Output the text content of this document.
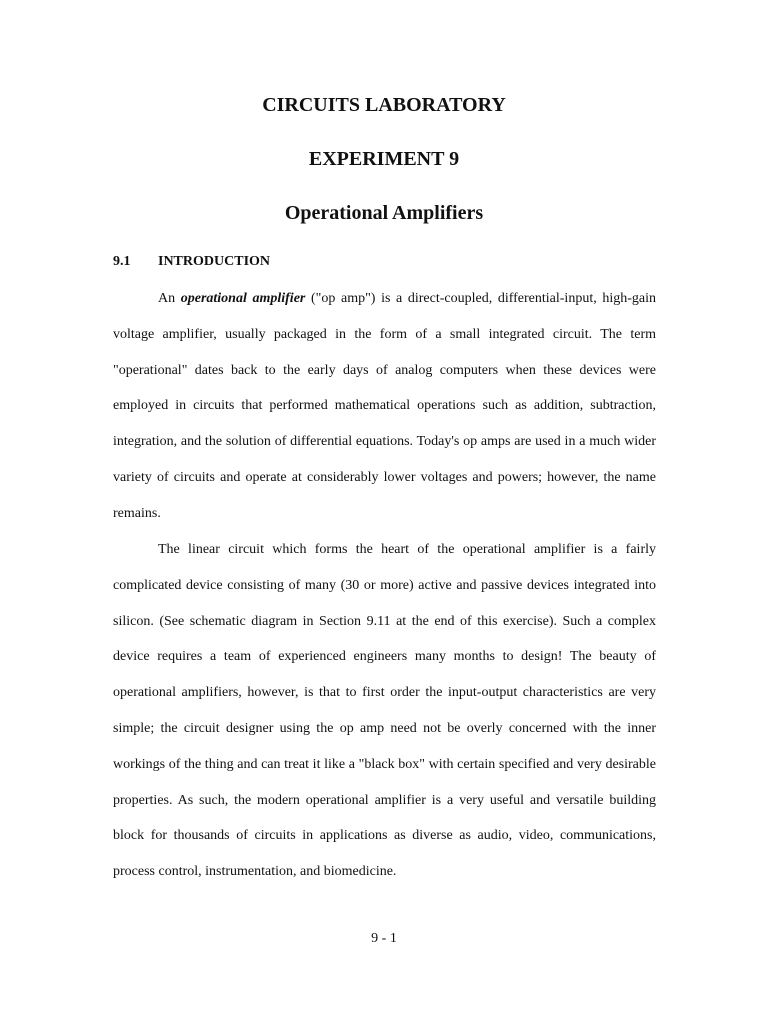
CIRCUITS LABORATORY
EXPERIMENT 9
Operational Amplifiers
9.1 INTRODUCTION

An operational amplifier ("op amp") is a direct-coupled, differential-input, high-gain voltage amplifier, usually packaged in the form of a small integrated circuit. The term "operational" dates back to the early days of analog computers when these devices were employed in circuits that performed mathematical operations such as addition, subtraction, integration, and the solution of differential equations. Today's op amps are used in a much wider variety of circuits and operate at considerably lower voltages and powers; however, the name remains.

The linear circuit which forms the heart of the operational amplifier is a fairly complicated device consisting of many (30 or more) active and passive devices integrated into silicon. (See schematic diagram in Section 9.11 at the end of this exercise). Such a complex device requires a team of experienced engineers many months to design! The beauty of operational amplifiers, however, is that to first order the input-output characteristics are very simple; the circuit designer using the op amp need not be overly concerned with the inner workings of the thing and can treat it like a "black box" with certain specified and very desirable properties. As such, the modern operational amplifier is a very useful and versatile building block for thousands of circuits in applications as diverse as audio, video, communications, process control, instrumentation, and biomedicine.

9 - 1
